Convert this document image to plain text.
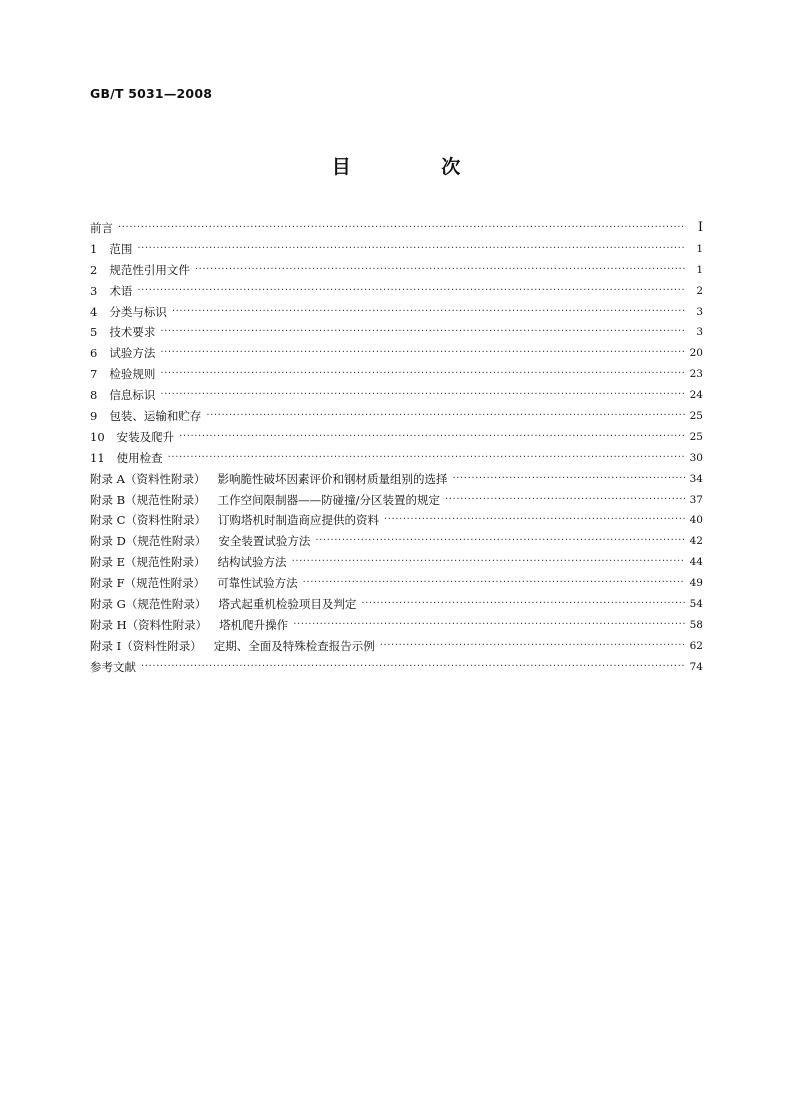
GB/T 5031—2008
目 次
前言 ·····	Ⅰ
1 范围 ·····	1
2 规范性引用文件 ·····	1
3 术语 ·····	2
4 分类与标识 ·····	3
5 技术要求 ·····	3
6 试验方法 ·····	20
7 检验规则 ·····	23
8 信息标识 ·····	24
9 包装、运输和贮存 ·····	25
10 安装及爬升 ·····	25
11 使用检查 ·····	30
附录 A（资料性附录） 影响脆性破坏因素评价和钢材质量组别的选择 ·····	34
附录 B（规范性附录） 工作空间限制器——防碰撞/分区装置的规定 ·····	37
附录 C（资料性附录） 订购塔机时制造商应提供的资料 ·····	40
附录 D（规范性附录） 安全装置试验方法 ·····	42
附录 E（规范性附录） 结构试验方法 ·····	44
附录 F（规范性附录） 可靠性试验方法 ·····	49
附录 G（规范性附录） 塔式起重机检验项目及判定 ·····	54
附录 H（资料性附录） 塔机爬升操作 ·····	58
附录 I（资料性附录） 定期、全面及特殊检查报告示例 ·····	62
参考文献 ·····	74
